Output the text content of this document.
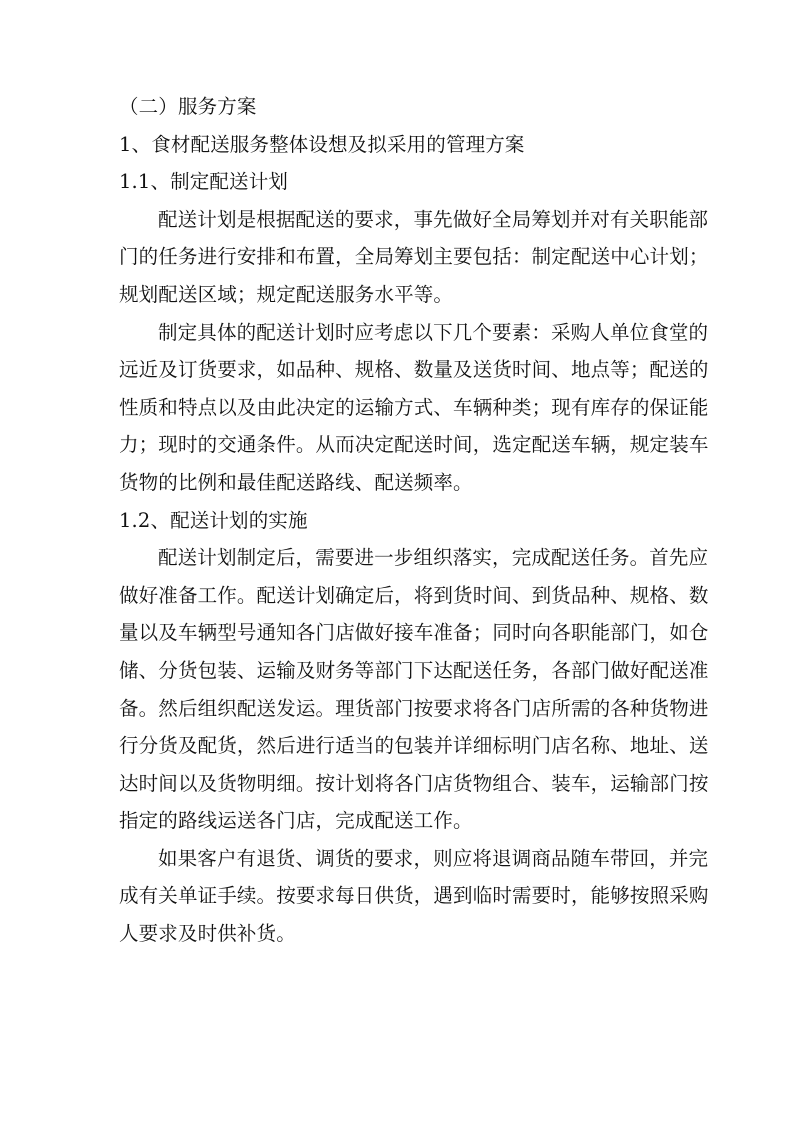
（二）服务方案
1、食材配送服务整体设想及拟采用的管理方案
1.1、制定配送计划
配送计划是根据配送的要求，事先做好全局筹划并对有关职能部
门的任务进行安排和布置，全局筹划主要包括：制定配送中心计划；
规划配送区域；规定配送服务水平等。
制定具体的配送计划时应考虑以下几个要素：采购人单位食堂的
远近及订货要求，如品种、规格、数量及送货时间、地点等；配送的
性质和特点以及由此决定的运输方式、车辆种类；现有库存的保证能
力；现时的交通条件。从而决定配送时间，选定配送车辆，规定装车
货物的比例和最佳配送路线、配送频率。
1.2、配送计划的实施
配送计划制定后，需要进一步组织落实，完成配送任务。首先应
做好准备工作。配送计划确定后，将到货时间、到货品种、规格、数
量以及车辆型号通知各门店做好接车准备；同时向各职能部门，如仓
储、分货包装、运输及财务等部门下达配送任务，各部门做好配送准
备。然后组织配送发运。理货部门按要求将各门店所需的各种货物进
行分货及配货，然后进行适当的包装并详细标明门店名称、地址、送
达时间以及货物明细。按计划将各门店货物组合、装车，运输部门按
指定的路线运送各门店，完成配送工作。
如果客户有退货、调货的要求，则应将退调商品随车带回，并完
成有关单证手续。按要求每日供货，遇到临时需要时，能够按照采购
人要求及时供补货。
